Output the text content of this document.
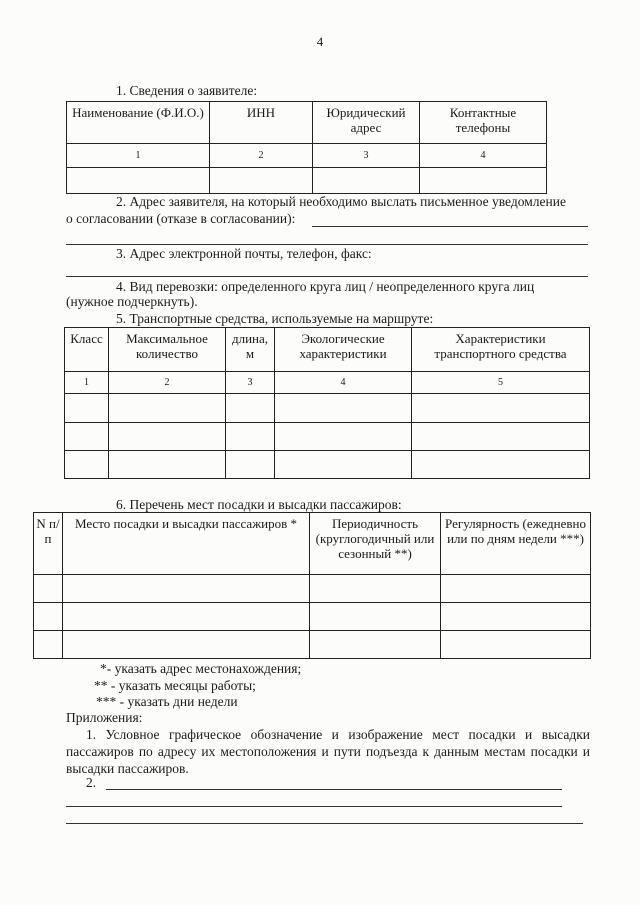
4
1. Сведения о заявителе:
Наименование (Ф.И.О.)	ИНН	Юридический адрес	Контактные телефоны
1	2	3	4

2. Адрес заявителя, на который необходимо выслать письменное уведомление
о согласовании (отказе в согласовании):
3. Адрес электронной почты, телефон, факс:
4. Вид перевозки: определенного круга лиц / неопределенного круга лиц
(нужное подчеркнуть).
5. Транспортные средства, используемые на маршруте:
Класс	Максимальное количество	длина, м	Экологические характеристики	Характеристики транспортного средства
1	2	3	4	5

6. Перечень мест посадки и высадки пассажиров:
N п/п	Место посадки и высадки пассажиров *	Периодичность (круглогодичный или сезонный **)	Регулярность (ежедневно или по дням недели ***)

*- указать адрес местонахождения;
** - указать месяцы работы;
*** - указать дни недели
Приложения:
1. Условное графическое обозначение и изображение мест посадки и высадки пассажиров по адресу их местоположения и пути подъезда к данным местам посадки и высадки пассажиров.
2.
